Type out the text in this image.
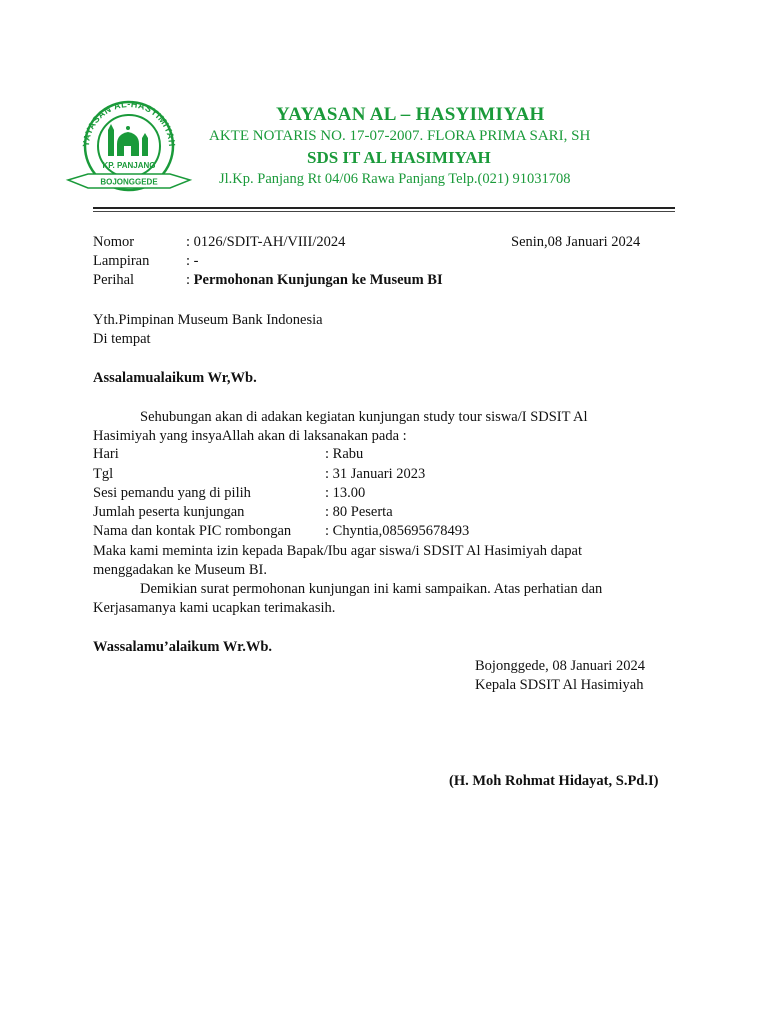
YAYASAN AL-HASYIMIYAH
KP. PANJANG
BOJONGGEDE
YAYASAN AL – HASYIMIYAH
AKTE NOTARIS NO. 17-07-2007. FLORA PRIMA SARI, SH
SDS IT AL HASIMIYAH
Jl.Kp. Panjang Rt 04/06 Rawa Panjang Telp.(021) 91031708
Nomor	: 0126/SDIT-AH/VIII/2024	Senin,08 Januari 2024
Lampiran	: -
Perihal	: Permohonan Kunjungan ke Museum BI
Yth.Pimpinan Museum Bank Indonesia
Di tempat
Assalamualaikum Wr,Wb.
Sehubungan akan di adakan kegiatan kunjungan study tour siswa/I SDSIT Al
Hasimiyah yang insyaAllah akan di laksanakan pada :
Hari	: Rabu
Tgl	: 31 Januari 2023
Sesi pemandu yang di pilih	: 13.00
Jumlah peserta kunjungan	: 80 Peserta
Nama dan kontak PIC rombongan : Chyntia,085695678493
Maka kami meminta izin kepada Bapak/Ibu agar siswa/i SDSIT Al Hasimiyah dapat
menggadakan ke Museum BI.
Demikian surat permohonan kunjungan ini kami sampaikan. Atas perhatian dan
Kerjasamanya kami ucapkan terimakasih.
Wassalamu’alaikum Wr.Wb.
Bojonggede, 08 Januari 2024
Kepala SDSIT Al Hasimiyah
(H. Moh Rohmat Hidayat, S.Pd.I)
